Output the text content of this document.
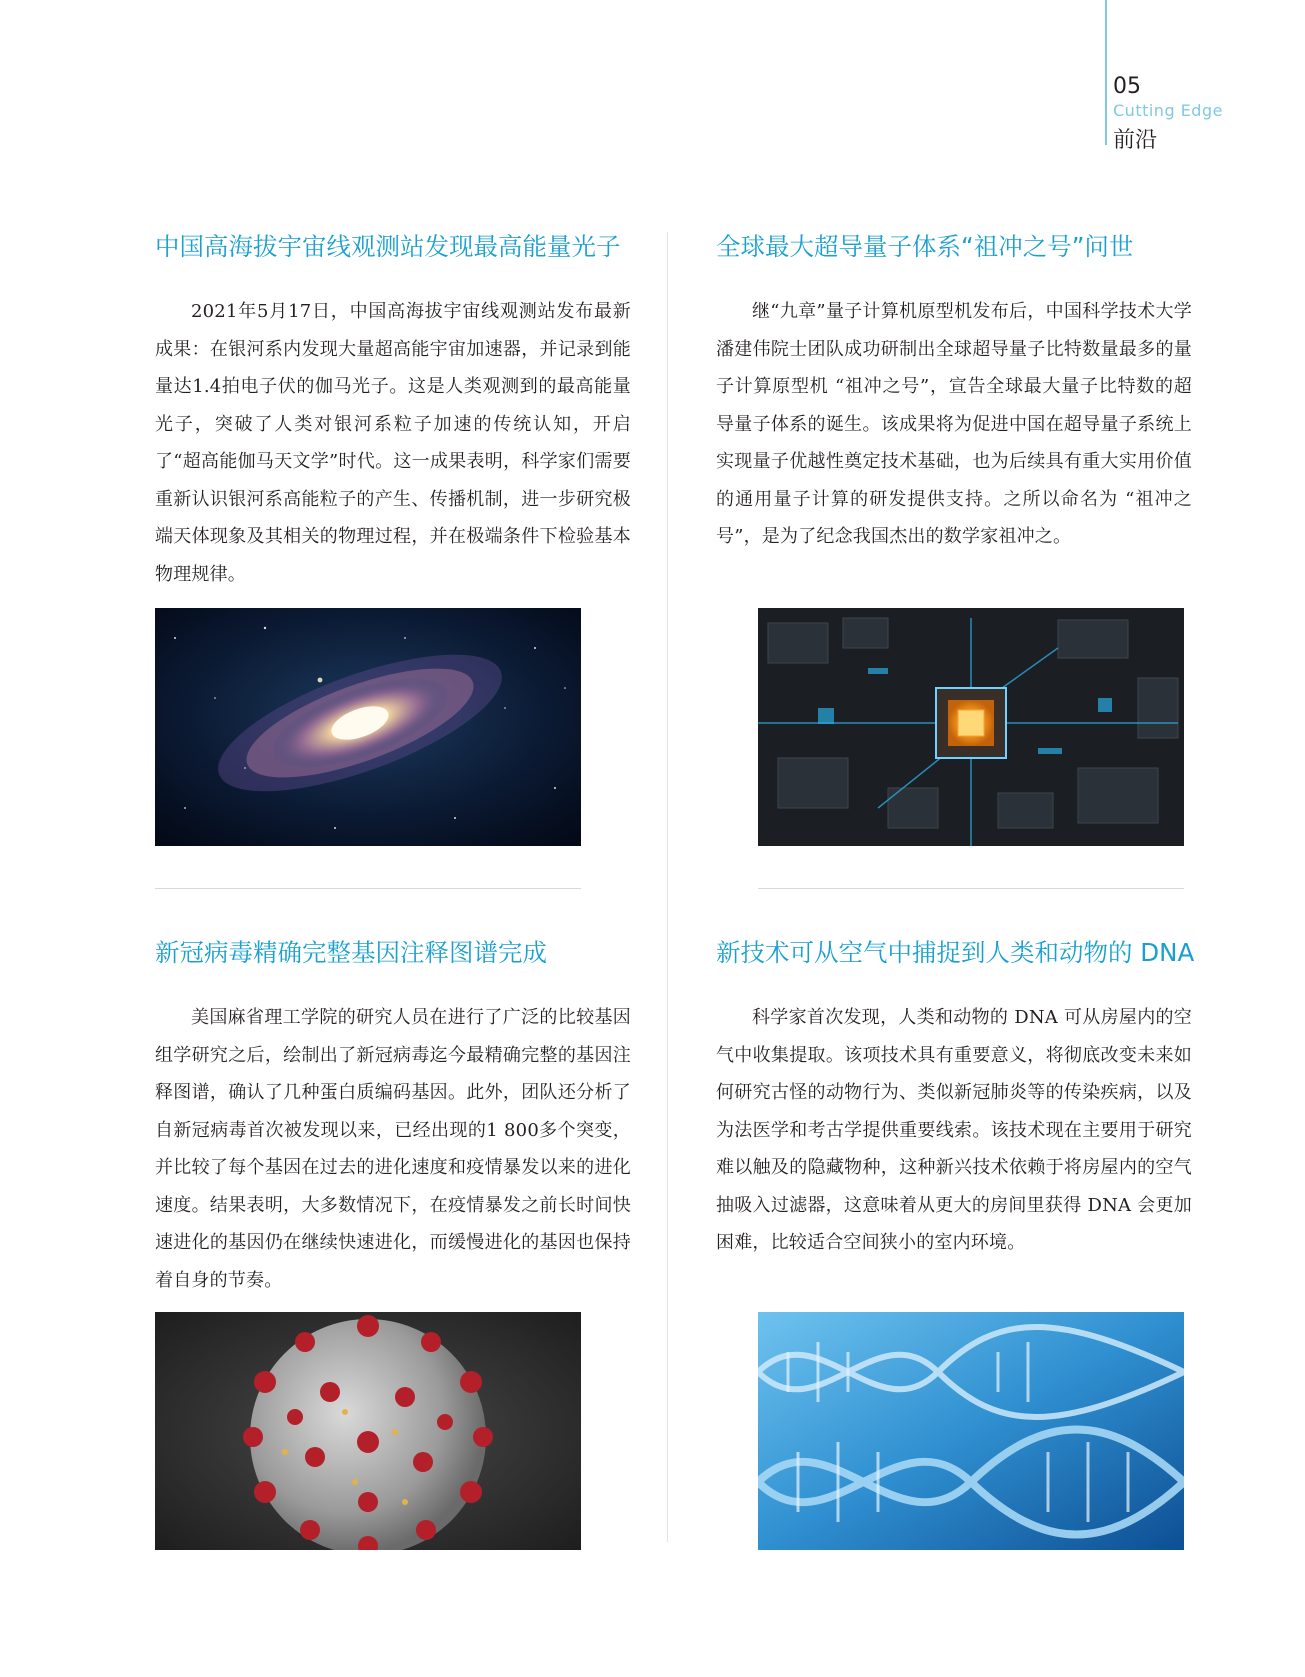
05
Cutting Edge
前沿
中国高海拔宇宙线观测站发现最高能量光子

2021年5月17日，中国高海拔宇宙线观测站发布最新成果：在银河系内发现大量超高能宇宙加速器，并记录到能量达1.4拍电子伏的伽马光子。这是人类观测到的最高能量光子，突破了人类对银河系粒子加速的传统认知，开启了“超高能伽马天文学”时代。这一成果表明，科学家们需要重新认识银河系高能粒子的产生、传播机制，进一步研究极端天体现象及其相关的物理过程，并在极端条件下检验基本物理规律。

全球最大超导量子体系“祖冲之号”问世

继“九章”量子计算机原型机发布后，中国科学技术大学潘建伟院士团队成功研制出全球超导量子比特数量最多的量子计算原型机 “祖冲之号”，宣告全球最大量子比特数的超导量子体系的诞生。该成果将为促进中国在超导量子系统上实现量子优越性奠定技术基础，也为后续具有重大实用价值的通用量子计算的研发提供支持。之所以命名为 “祖冲之号”，是为了纪念我国杰出的数学家祖冲之。

新冠病毒精确完整基因注释图谱完成

美国麻省理工学院的研究人员在进行了广泛的比较基因组学研究之后，绘制出了新冠病毒迄今最精确完整的基因注释图谱，确认了几种蛋白质编码基因。此外，团队还分析了自新冠病毒首次被发现以来，已经出现的1 800多个突变，并比较了每个基因在过去的进化速度和疫情暴发以来的进化速度。结果表明，大多数情况下，在疫情暴发之前长时间快速进化的基因仍在继续快速进化，而缓慢进化的基因也保持着自身的节奏。

新技术可从空气中捕捉到人类和动物的 DNA

科学家首次发现，人类和动物的 DNA 可从房屋内的空气中收集提取。该项技术具有重要意义，将彻底改变未来如何研究古怪的动物行为、类似新冠肺炎等的传染疾病，以及为法医学和考古学提供重要线索。该技术现在主要用于研究难以触及的隐藏物种，这种新兴技术依赖于将房屋内的空气抽吸入过滤器，这意味着从更大的房间里获得 DNA 会更加困难，比较适合空间狭小的室内环境。
